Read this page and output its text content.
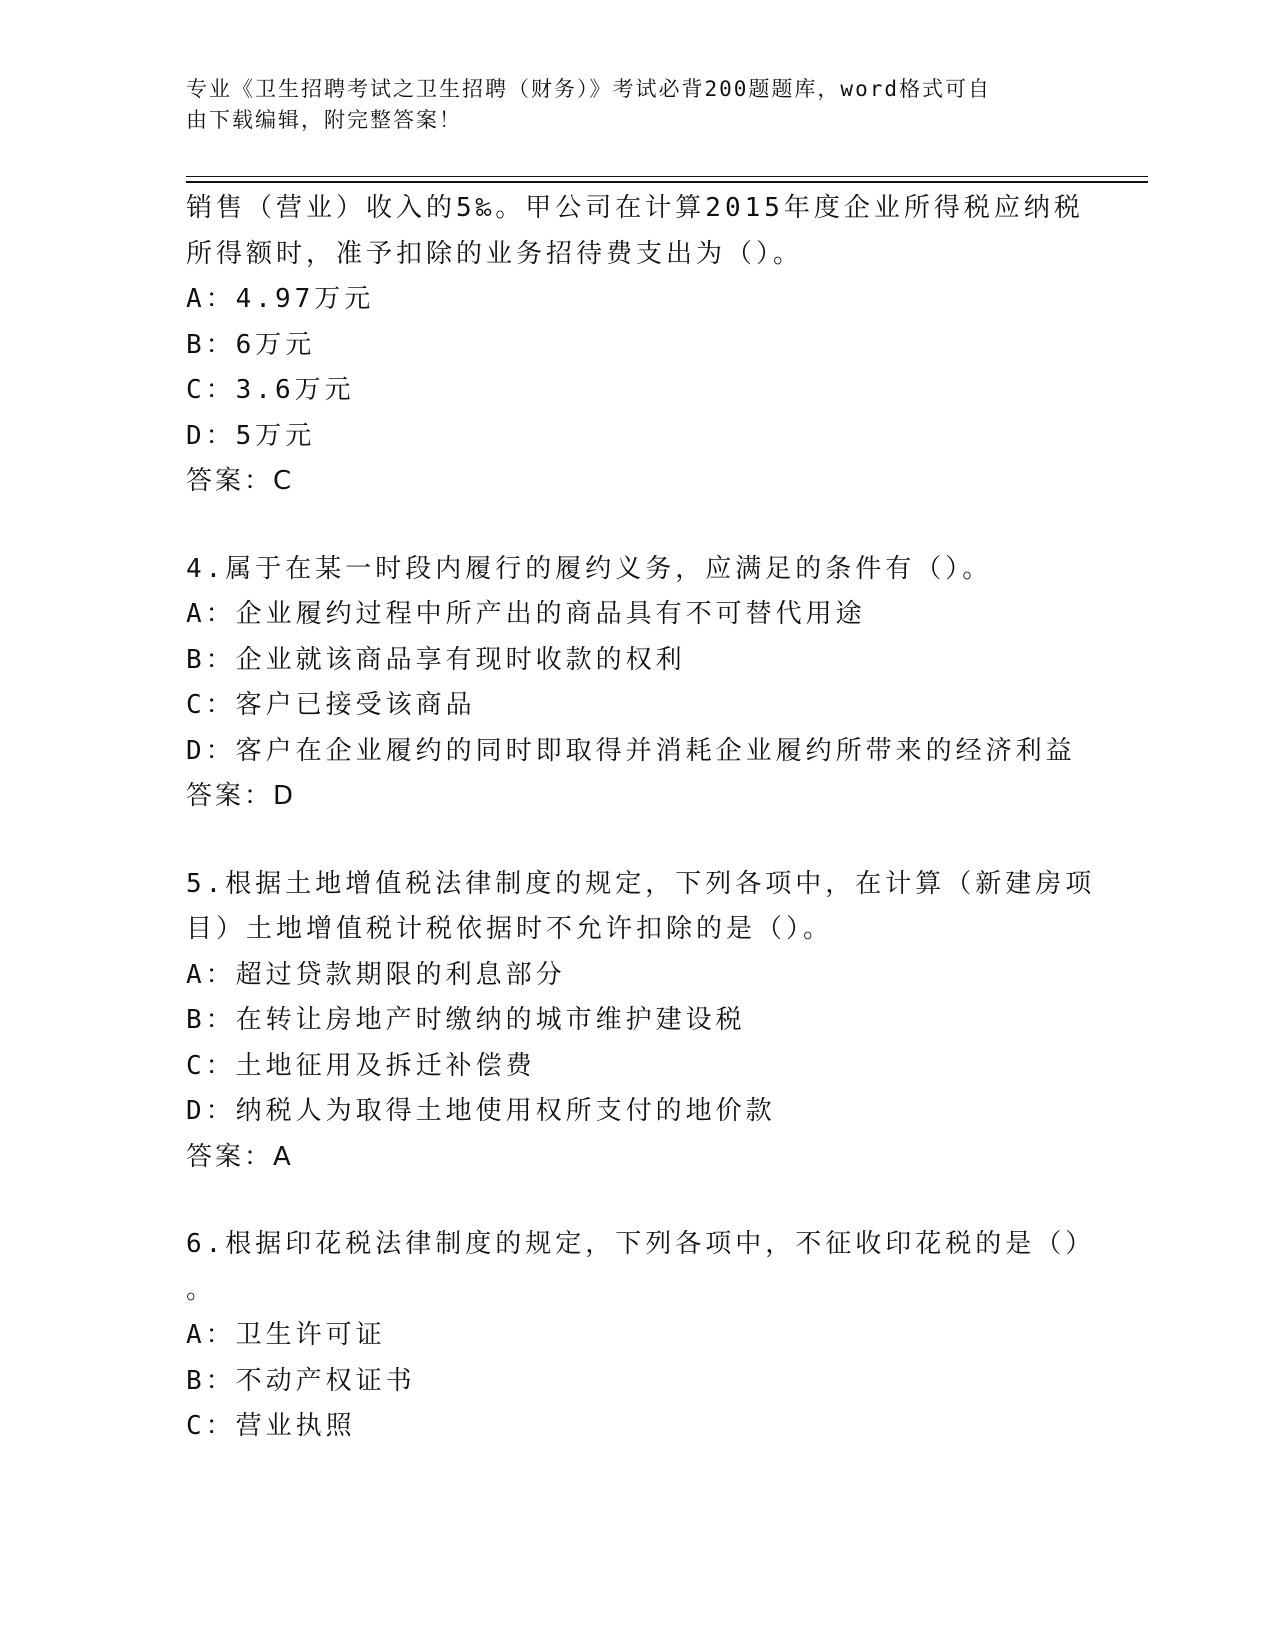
专业《卫生招聘考试之卫生招聘（财务）》考试必背200题题库，word格式可自
由下载编辑，附完整答案！
销售（营业）收入的5‰。甲公司在计算2015年度企业所得税应纳税
所得额时，准予扣除的业务招待费支出为（）。
A：4.97万元
B：6万元
C：3.6万元
D：5万元
答案：C
4.属于在某一时段内履行的履约义务，应满足的条件有（）。
A：企业履约过程中所产出的商品具有不可替代用途
B：企业就该商品享有现时收款的权利
C：客户已接受该商品
D：客户在企业履约的同时即取得并消耗企业履约所带来的经济利益
答案：D
5.根据土地增值税法律制度的规定，下列各项中，在计算（新建房项
目）土地增值税计税依据时不允许扣除的是（）。
A：超过贷款期限的利息部分
B：在转让房地产时缴纳的城市维护建设税
C：土地征用及拆迁补偿费
D：纳税人为取得土地使用权所支付的地价款
答案：A
6.根据印花税法律制度的规定，下列各项中，不征收印花税的是（）
。
A：卫生许可证
B：不动产权证书
C：营业执照
